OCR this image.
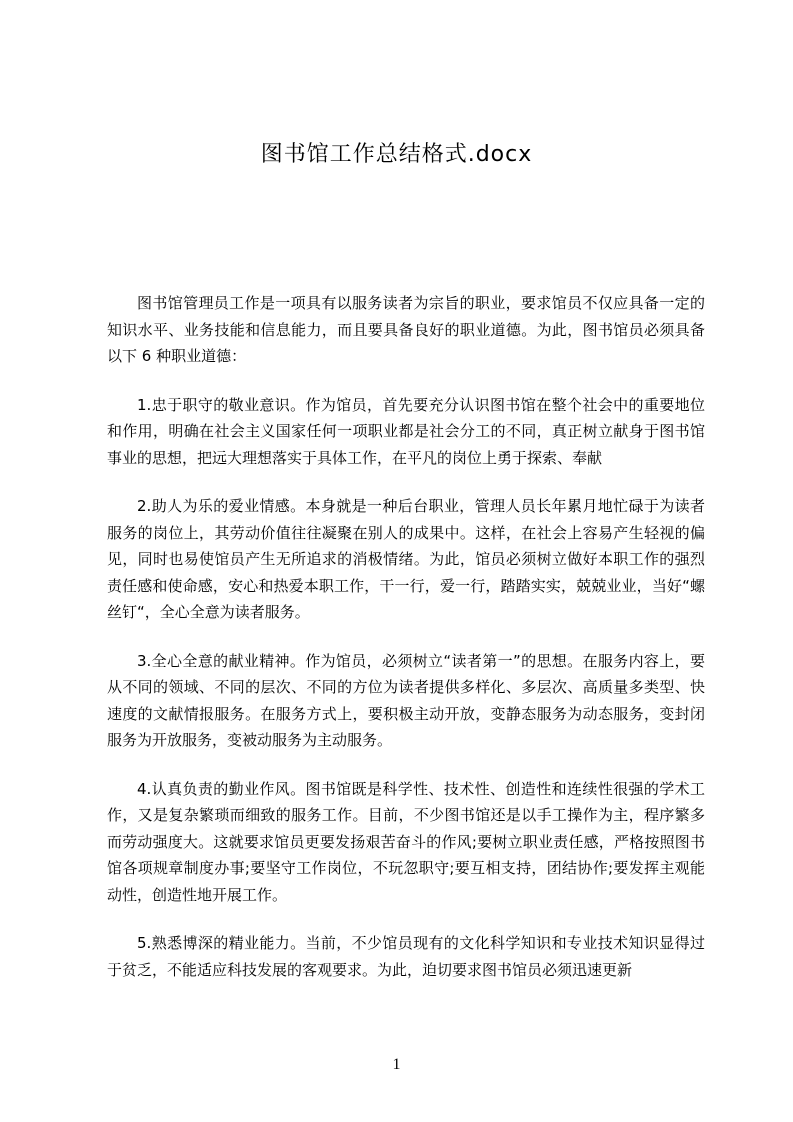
图书馆工作总结格式.docx

图书馆管理员工作是一项具有以服务读者为宗旨的职业，要求馆员不仅应具备一定的知识水平、业务技能和信息能力，而且要具备良好的职业道德。为此，图书馆员必须具备以下 6 种职业道德：

1.忠于职守的敬业意识。作为馆员，首先要充分认识图书馆在整个社会中的重要地位和作用，明确在社会主义国家任何一项职业都是社会分工的不同，真正树立献身于图书馆事业的思想，把远大理想落实于具体工作，在平凡的岗位上勇于探索、奉献

2.助人为乐的爱业情感。本身就是一种后台职业，管理人员长年累月地忙碌于为读者服务的岗位上，其劳动价值往往凝聚在别人的成果中。这样，在社会上容易产生轻视的偏见，同时也易使馆员产生无所追求的消极情绪。为此，馆员必须树立做好本职工作的强烈责任感和使命感，安心和热爱本职工作，干一行，爱一行，踏踏实实，兢兢业业，当好“螺丝钉“，全心全意为读者服务。

3.全心全意的献业精神。作为馆员，必须树立“读者第一”的思想。在服务内容上，要从不同的领域、不同的层次、不同的方位为读者提供多样化、多层次、高质量多类型、快速度的文献情报服务。在服务方式上，要积极主动开放，变静态服务为动态服务，变封闭服务为开放服务，变被动服务为主动服务。

4.认真负责的勤业作风。图书馆既是科学性、技术性、创造性和连续性很强的学术工作，又是复杂繁琐而细致的服务工作。目前，不少图书馆还是以手工操作为主，程序繁多而劳动强度大。这就要求馆员更要发扬艰苦奋斗的作风;要树立职业责任感，严格按照图书馆各项规章制度办事;要坚守工作岗位，不玩忽职守;要互相支持，团结协作;要发挥主观能动性，创造性地开展工作。

5.熟悉博深的精业能力。当前，不少馆员现有的文化科学知识和专业技术知识显得过于贫乏，不能适应科技发展的客观要求。为此，迫切要求图书馆员必须迅速更新

1
